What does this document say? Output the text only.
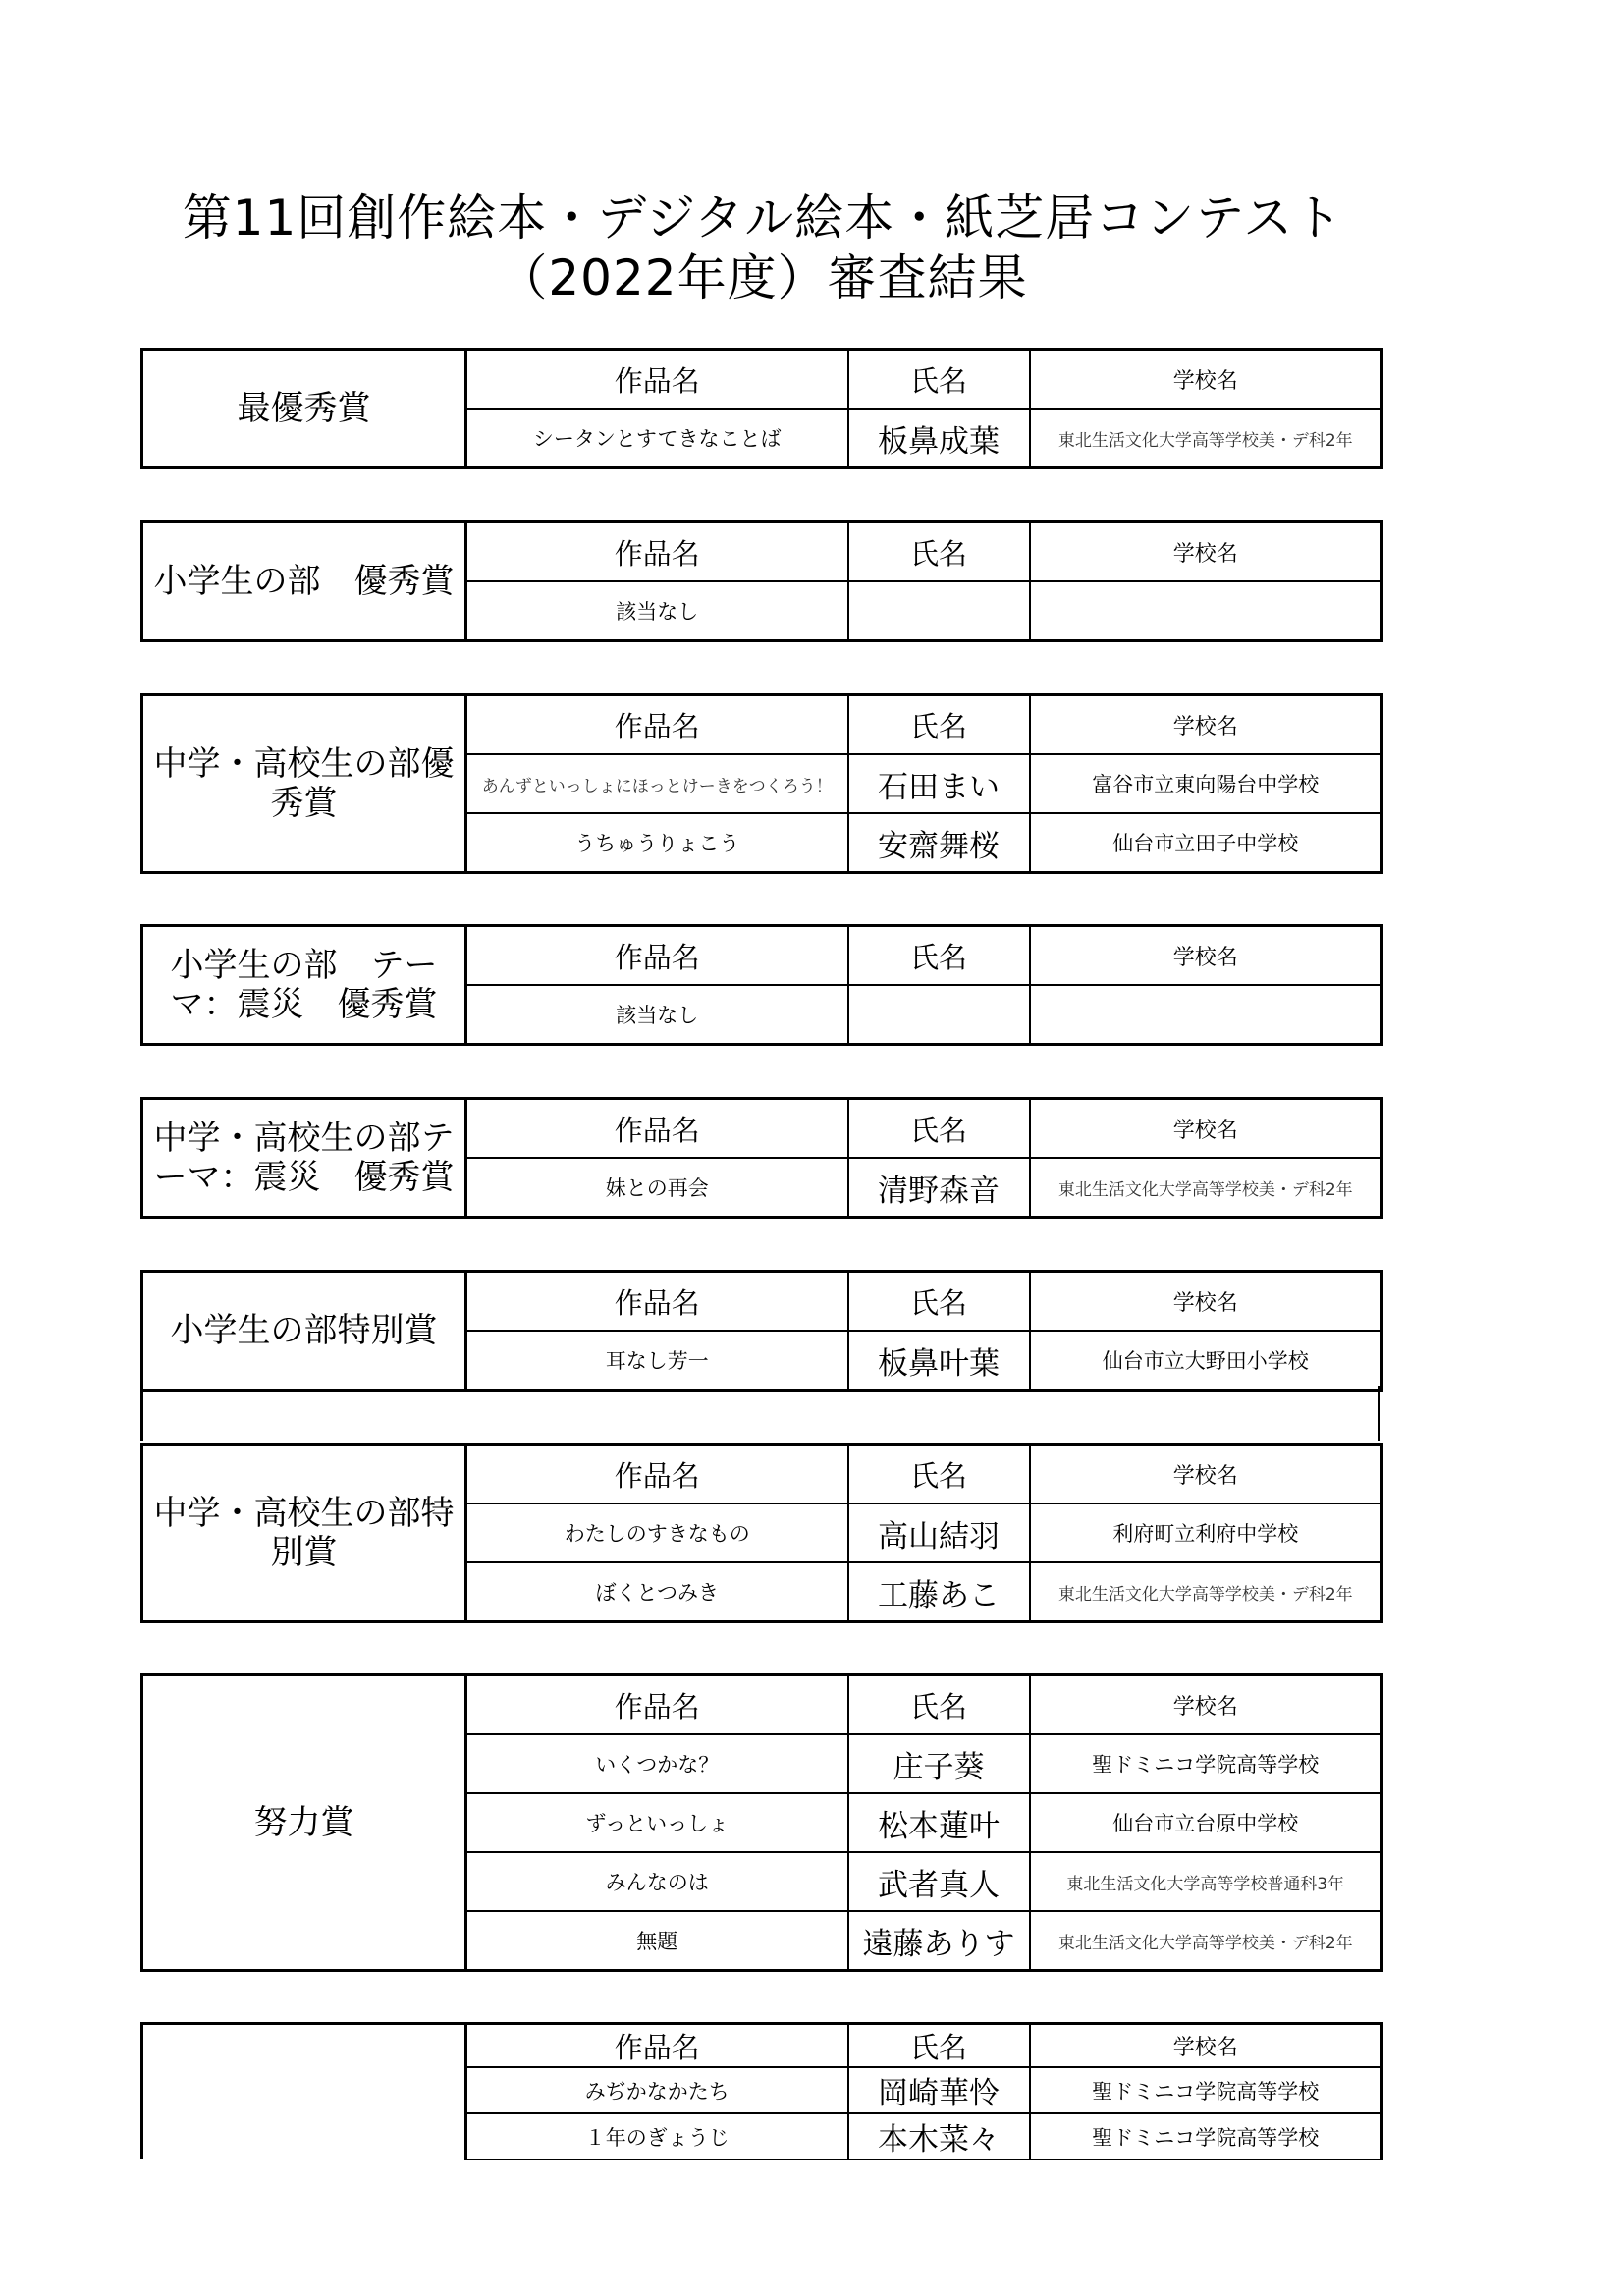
第11回創作絵本・デジタル絵本・紙芝居コンテスト
（2022年度）審査結果
最優秀賞	作品名	氏名	学校名
	シータンとすてきなことば	板鼻成葉	東北生活文化大学高等学校美・デ科2年
小学生の部　優秀賞	作品名	氏名	学校名
	該当なし		
中学・高校生の部優秀賞	作品名	氏名	学校名
	あんずといっしょにほっとけーきをつくろう！	石田まい	富谷市立東向陽台中学校
	うちゅうりょこう	安齋舞桜	仙台市立田子中学校
小学生の部　テーマ：震災　優秀賞	作品名	氏名	学校名
	該当なし		
中学・高校生の部テーマ：震災　優秀賞	作品名	氏名	学校名
	妹との再会	清野森音	東北生活文化大学高等学校美・デ科2年
小学生の部特別賞	作品名	氏名	学校名
	耳なし芳一	板鼻叶葉	仙台市立大野田小学校
中学・高校生の部特別賞	作品名	氏名	学校名
	わたしのすきなもの	高山結羽	利府町立利府中学校
	ぼくとつみき	工藤あこ	東北生活文化大学高等学校美・デ科2年
努力賞	作品名	氏名	学校名
	いくつかな？	庄子葵	聖ドミニコ学院高等学校
	ずっといっしょ	松本蓮叶	仙台市立台原中学校
	みんなのは	武者真人	東北生活文化大学高等学校普通科3年
	無題	遠藤ありす	東北生活文化大学高等学校美・デ科2年
	作品名	氏名	学校名
	みぢかなかたち	岡崎華怜	聖ドミニコ学院高等学校
	１年のぎょうじ	本木菜々	聖ドミニコ学院高等学校
